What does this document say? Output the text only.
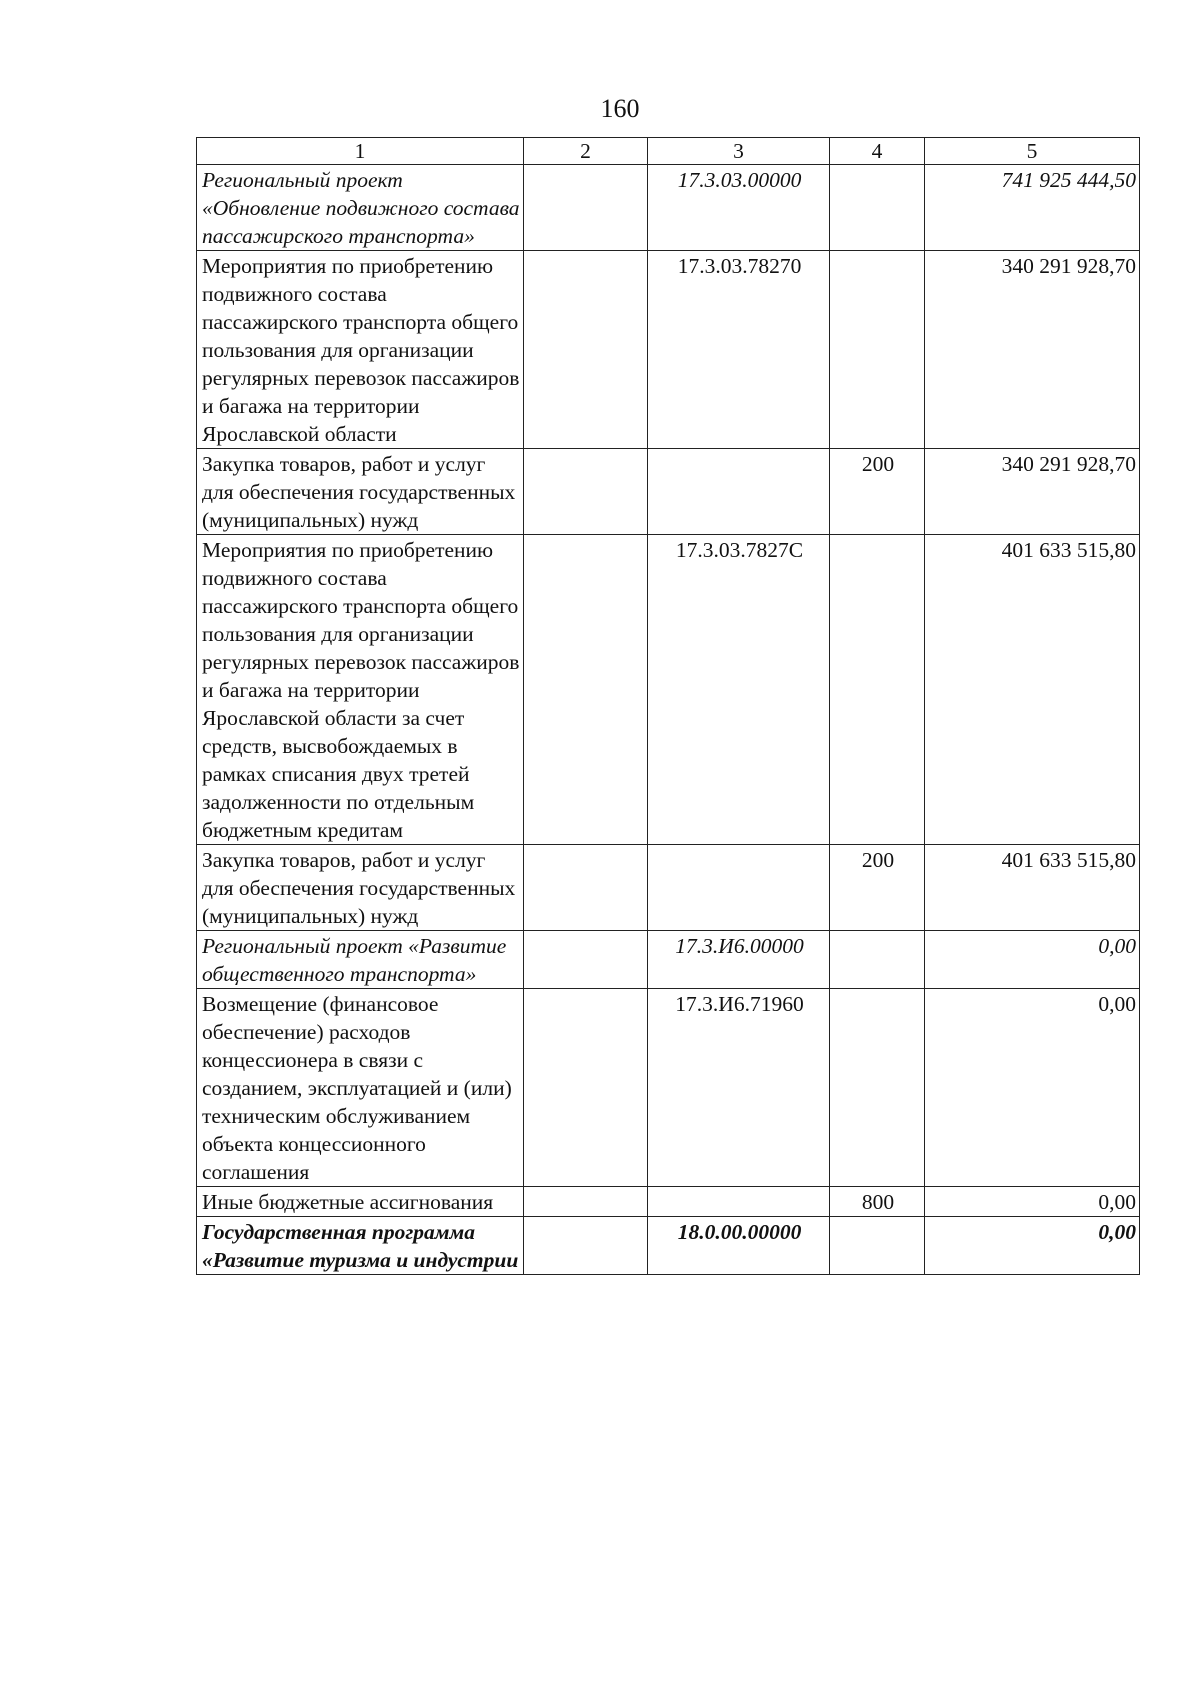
160
1	2	3	4	5
Региональный проект «Обновление подвижного состава пассажирского транспорта»		17.3.03.00000		741 925 444,50
Мероприятия по приобретению подвижного состава пассажирского транспорта общего пользования для организации регулярных перевозок пассажиров и багажа на территории Ярославской области		17.3.03.78270		340 291 928,70
Закупка товаров, работ и услуг для обеспечения государственных (муниципальных) нужд			200	340 291 928,70
Мероприятия по приобретению подвижного состава пассажирского транспорта общего пользования для организации регулярных перевозок пассажиров и багажа на территории Ярославской области за счет средств, высвобождаемых в рамках списания двух третей задолженности по отдельным бюджетным кредитам		17.3.03.7827С		401 633 515,80
Закупка товаров, работ и услуг для обеспечения государственных (муниципальных) нужд			200	401 633 515,80
Региональный проект «Развитие общественного транспорта»		17.3.И6.00000		0,00
Возмещение (финансовое обеспечение) расходов концессионера в связи с созданием, эксплуатацией и (или) техническим обслуживанием объекта концессионного соглашения		17.3.И6.71960		0,00
Иные бюджетные ассигнования			800	0,00
Государственная программа «Развитие туризма и индустрии		18.0.00.00000		0,00
